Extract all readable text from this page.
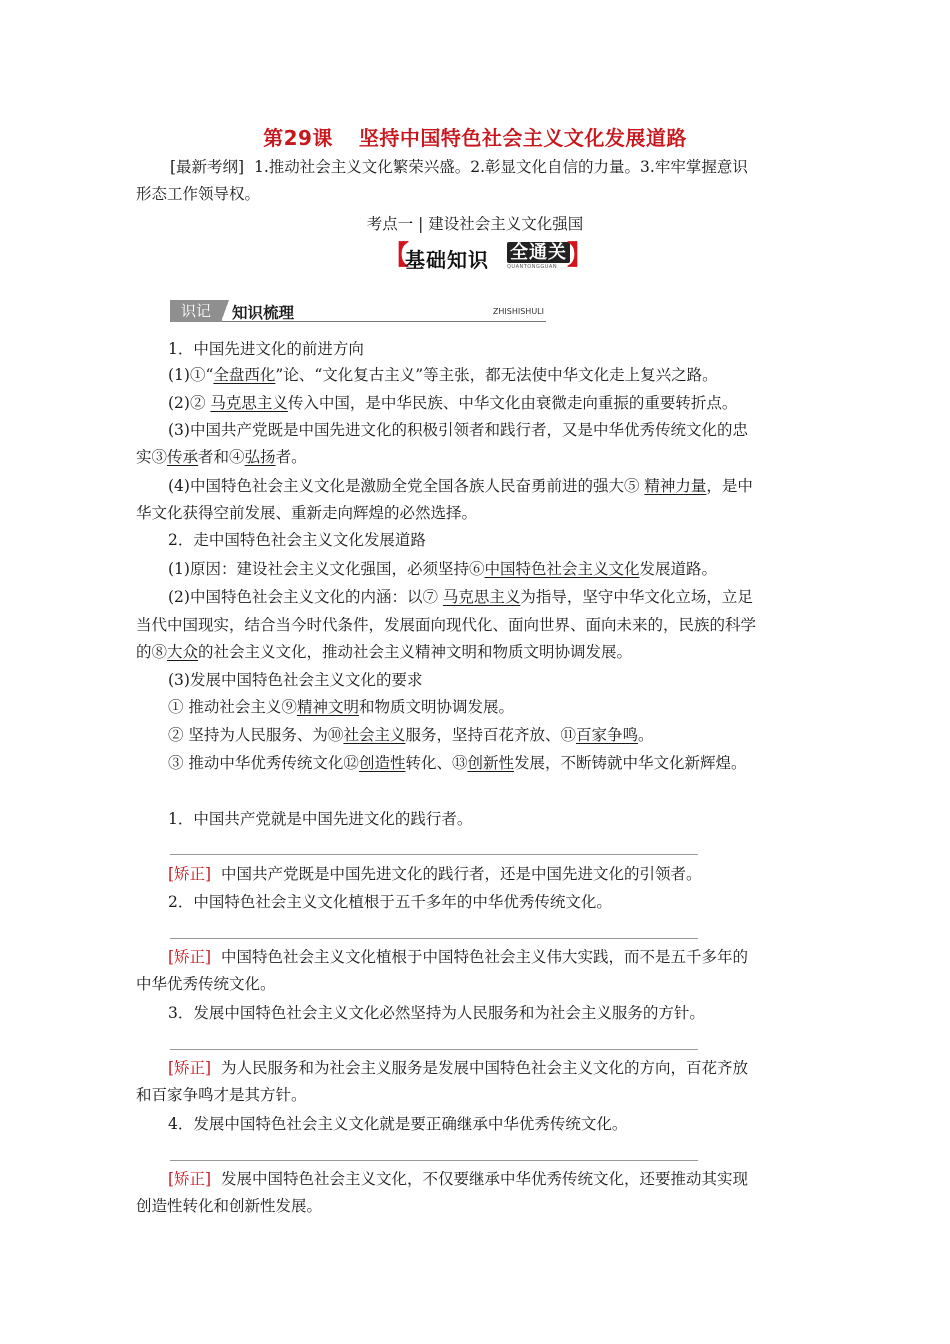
第29课 坚持中国特色社会主义文化发展道路
[最新考纲] 1.推动社会主义文化繁荣兴盛。2.彰显文化自信的力量。3.牢牢掌握意识
形态工作领导权。
考点一 | 建设社会主义文化强国
【
基础知识 全通关
QUANTONGGUAN 】
识记	知识梳理	ZHISHISHULI
1．中国先进文化的前进方向
(1)①“全盘西化”论、“文化复古主义”等主张，都无法使中华文化走上复兴之路。
(2)② 马克思主义传入中国，是中华民族、中华文化由衰微走向重振的重要转折点。
(3)中国共产党既是中国先进文化的积极引领者和践行者，又是中华优秀传统文化的忠
实③传承者和④弘扬者。
(4)中国特色社会主义文化是激励全党全国各族人民奋勇前进的强大⑤ 精神力量，是中
华文化获得空前发展、重新走向辉煌的必然选择。
2．走中国特色社会主义文化发展道路
(1)原因：建设社会主义文化强国，必须坚持⑥中国特色社会主义文化发展道路。
(2)中国特色社会主义文化的内涵：以⑦ 马克思主义为指导，坚守中华文化立场，立足
当代中国现实，结合当今时代条件，发展面向现代化、面向世界、面向未来的，民族的科学
的⑧大众的社会主义文化，推动社会主义精神文明和物质文明协调发展。
(3)发展中国特色社会主义文化的要求
① 推动社会主义⑨精神文明和物质文明协调发展。
② 坚持为人民服务、为⑩社会主义服务，坚持百花齐放、⑪百家争鸣。
③ 推动中华优秀传统文化⑫创造性转化、⑬创新性发展，不断铸就中华文化新辉煌。
1．中国共产党就是中国先进文化的践行者。
[矫正] 中国共产党既是中国先进文化的践行者，还是中国先进文化的引领者。
2．中国特色社会主义文化植根于五千多年的中华优秀传统文化。
[矫正] 中国特色社会主义文化植根于中国特色社会主义伟大实践，而不是五千多年的
中华优秀传统文化。
3．发展中国特色社会主义文化必然坚持为人民服务和为社会主义服务的方针。
[矫正] 为人民服务和为社会主义服务是发展中国特色社会主义文化的方向，百花齐放
和百家争鸣才是其方针。
4．发展中国特色社会主义文化就是要正确继承中华优秀传统文化。
[矫正] 发展中国特色社会主义文化，不仅要继承中华优秀传统文化，还要推动其实现
创造性转化和创新性发展。
